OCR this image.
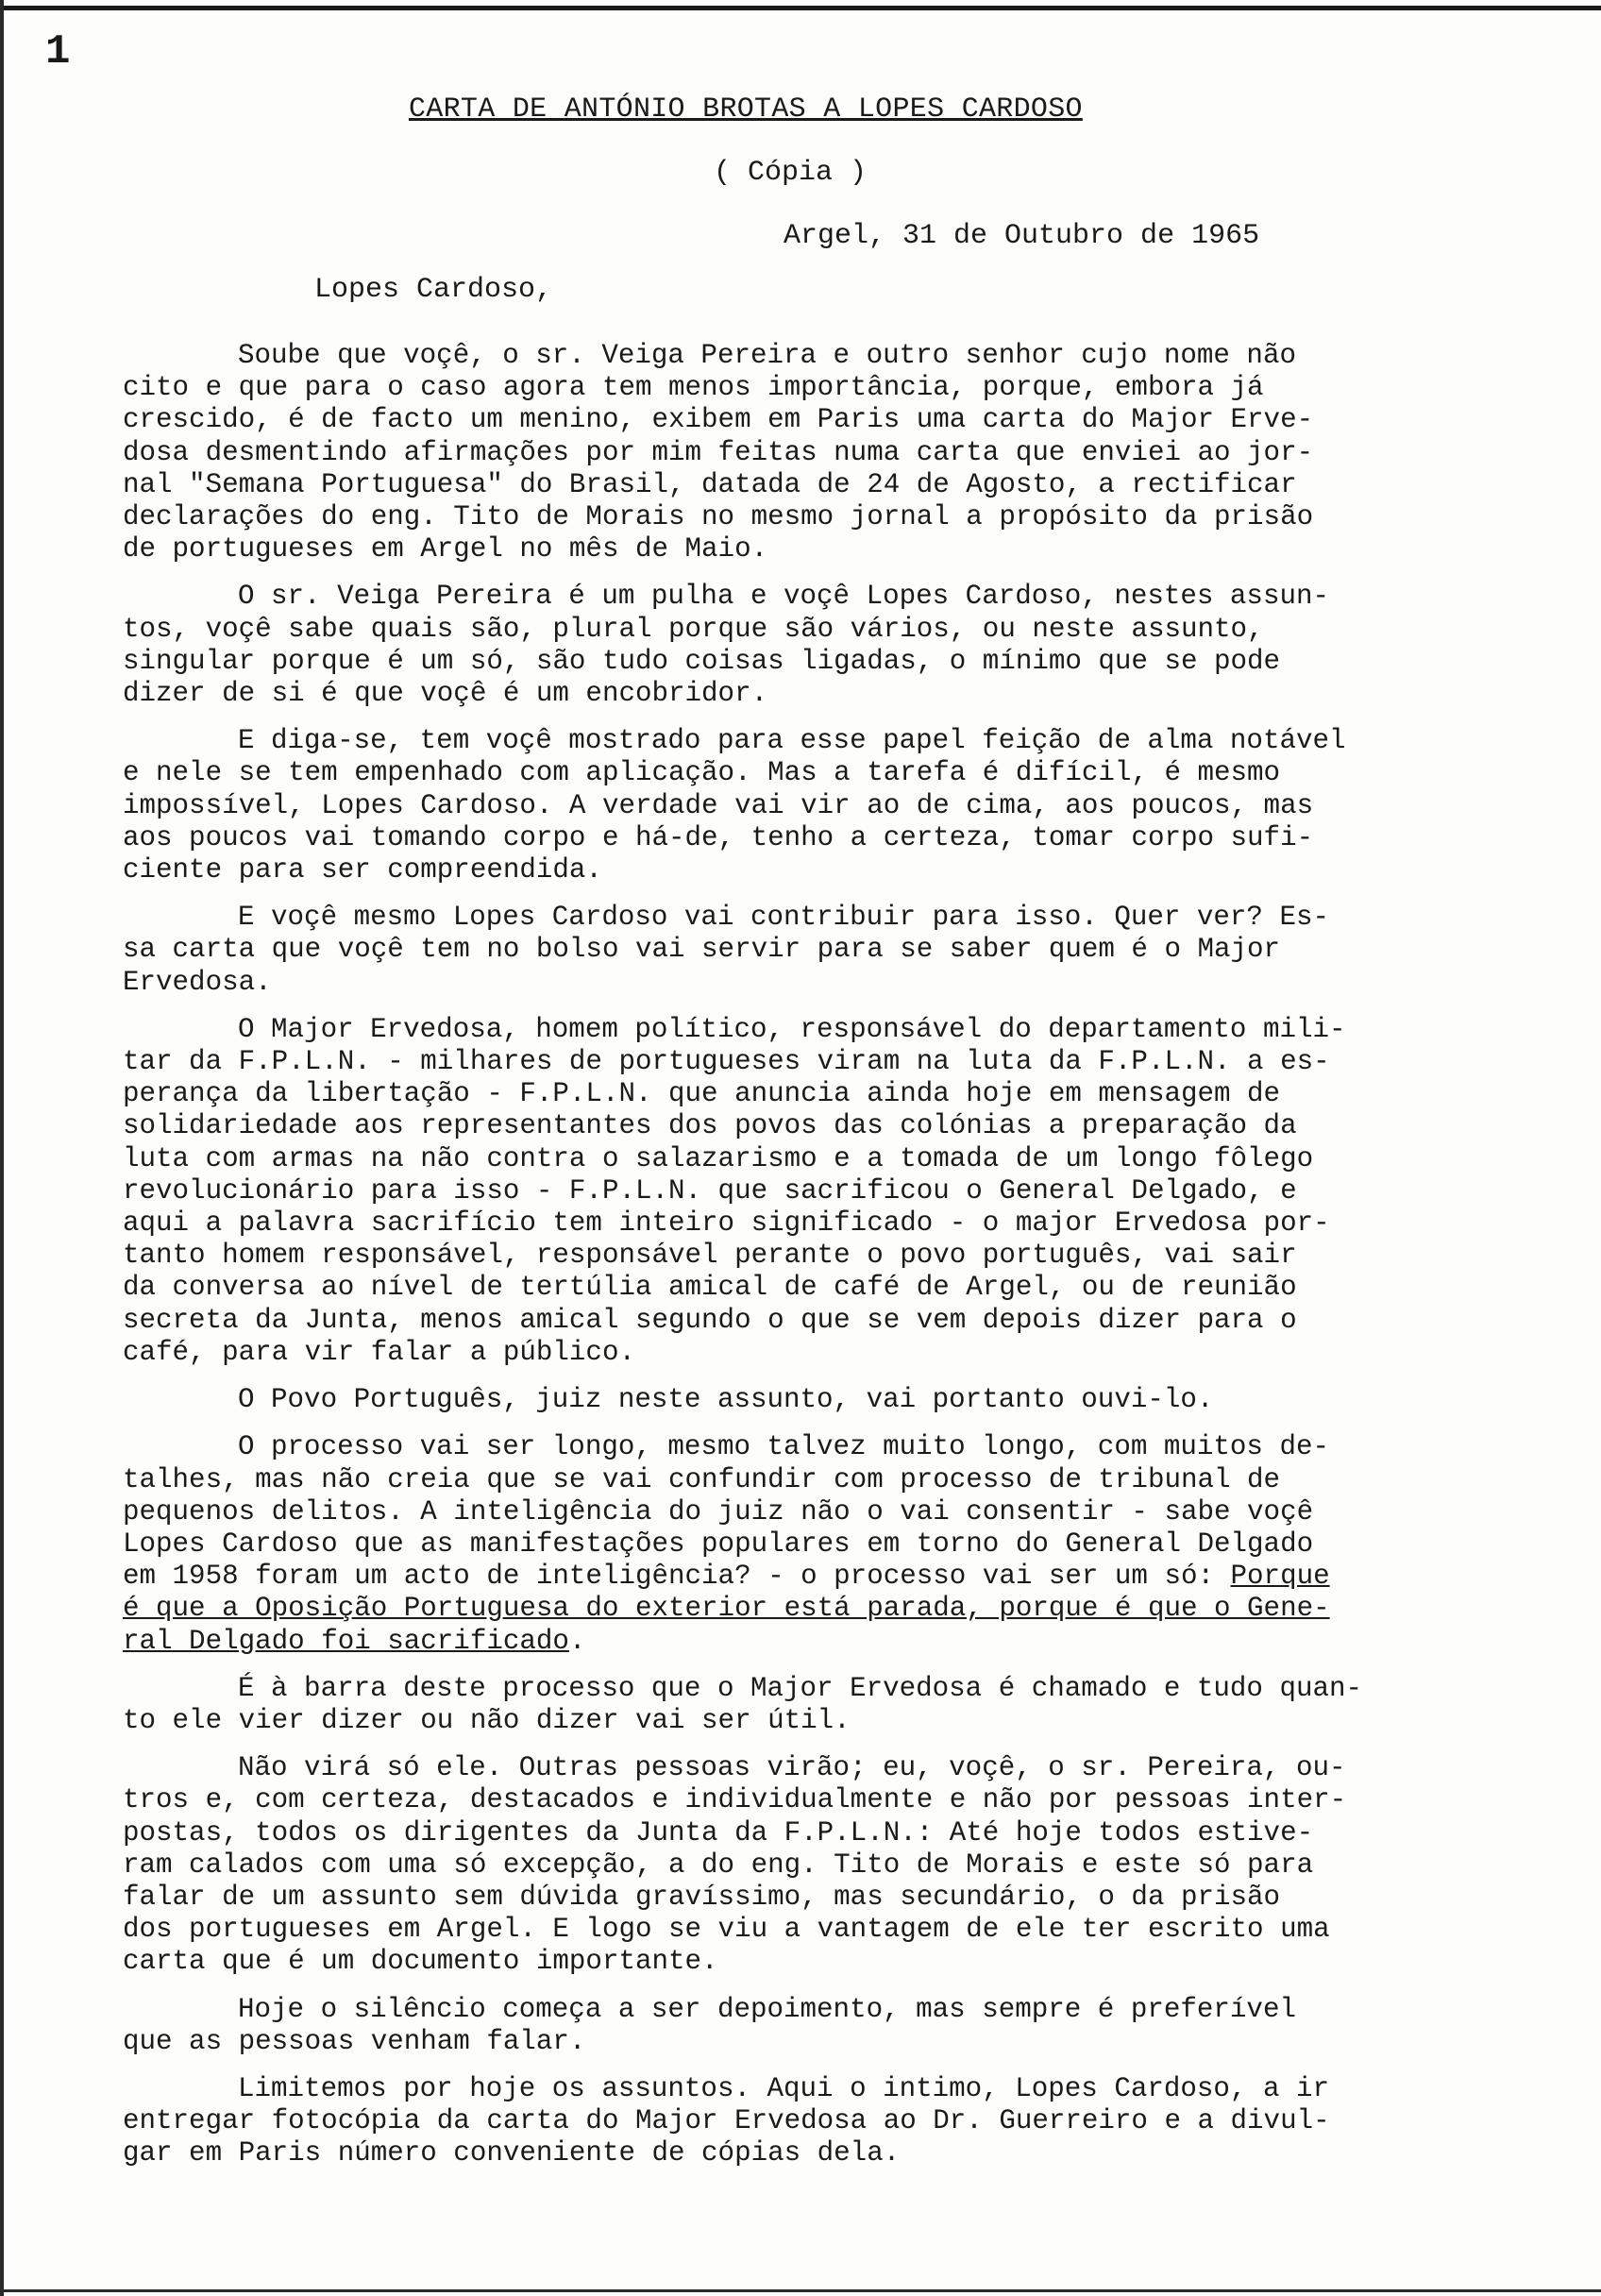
1
CARTA DE ANTÓNIO BROTAS A LOPES CARDOSO
( Cópia )
Argel, 31 de Outubro de 1965
Lopes Cardoso,
Soube que voçê, o sr. Veiga Pereira e outro senhor cujo nome não
cito e que para o caso agora tem menos importância, porque, embora já
crescido, é de facto um menino, exibem em Paris uma carta do Major Erve-
dosa desmentindo afirmações por mim feitas numa carta que enviei ao jor-
nal "Semana Portuguesa" do Brasil, datada de 24 de Agosto, a rectificar
declarações do eng. Tito de Morais no mesmo jornal a propósito da prisão
de portugueses em Argel no mês de Maio.
O sr. Veiga Pereira é um pulha e voçê Lopes Cardoso, nestes assun-
tos, voçê sabe quais são, plural porque são vários, ou neste assunto,
singular porque é um só, são tudo coisas ligadas, o mínimo que se pode
dizer de si é que voçê é um encobridor.
E diga-se, tem voçê mostrado para esse papel feição de alma notável
e nele se tem empenhado com aplicação. Mas a tarefa é difícil, é mesmo
impossível, Lopes Cardoso. A verdade vai vir ao de cima, aos poucos, mas
aos poucos vai tomando corpo e há-de, tenho a certeza, tomar corpo sufi-
ciente para ser compreendida.
E voçê mesmo Lopes Cardoso vai contribuir para isso. Quer ver? Es-
sa carta que voçê tem no bolso vai servir para se saber quem é o Major
Ervedosa.
O Major Ervedosa, homem político, responsável do departamento mili-
tar da F.P.L.N. - milhares de portugueses viram na luta da F.P.L.N. a es-
perança da libertação - F.P.L.N. que anuncia ainda hoje em mensagem de
solidariedade aos representantes dos povos das colónias a preparação da
luta com armas na não contra o salazarismo e a tomada de um longo fôlego
revolucionário para isso - F.P.L.N. que sacrificou o General Delgado, e
aqui a palavra sacrifício tem inteiro significado - o major Ervedosa por-
tanto homem responsável, responsável perante o povo português, vai sair
da conversa ao nível de tertúlia amical de café de Argel, ou de reunião
secreta da Junta, menos amical segundo o que se vem depois dizer para o
café, para vir falar a público.
O Povo Português, juiz neste assunto, vai portanto ouvi-lo.
O processo vai ser longo, mesmo talvez muito longo, com muitos de-
talhes, mas não creia que se vai confundir com processo de tribunal de
pequenos delitos. A inteligência do juiz não o vai consentir - sabe voçê
Lopes Cardoso que as manifestações populares em torno do General Delgado
em 1958 foram um acto de inteligência? - o processo vai ser um só: Porque
é que a Oposição Portuguesa do exterior está parada, porque é que o Gene-
ral Delgado foi sacrificado.
É à barra deste processo que o Major Ervedosa é chamado e tudo quan-
to ele vier dizer ou não dizer vai ser útil.
Não virá só ele. Outras pessoas virão; eu, voçê, o sr. Pereira, ou-
tros e, com certeza, destacados e individualmente e não por pessoas inter-
postas, todos os dirigentes da Junta da F.P.L.N.: Até hoje todos estive-
ram calados com uma só excepção, a do eng. Tito de Morais e este só para
falar de um assunto sem dúvida gravíssimo, mas secundário, o da prisão
dos portugueses em Argel. E logo se viu a vantagem de ele ter escrito uma
carta que é um documento importante.
Hoje o silêncio começa a ser depoimento, mas sempre é preferível
que as pessoas venham falar.
Limitemos por hoje os assuntos. Aqui o intimo, Lopes Cardoso, a ir
entregar fotocópia da carta do Major Ervedosa ao Dr. Guerreiro e a divul-
gar em Paris número conveniente de cópias dela.
